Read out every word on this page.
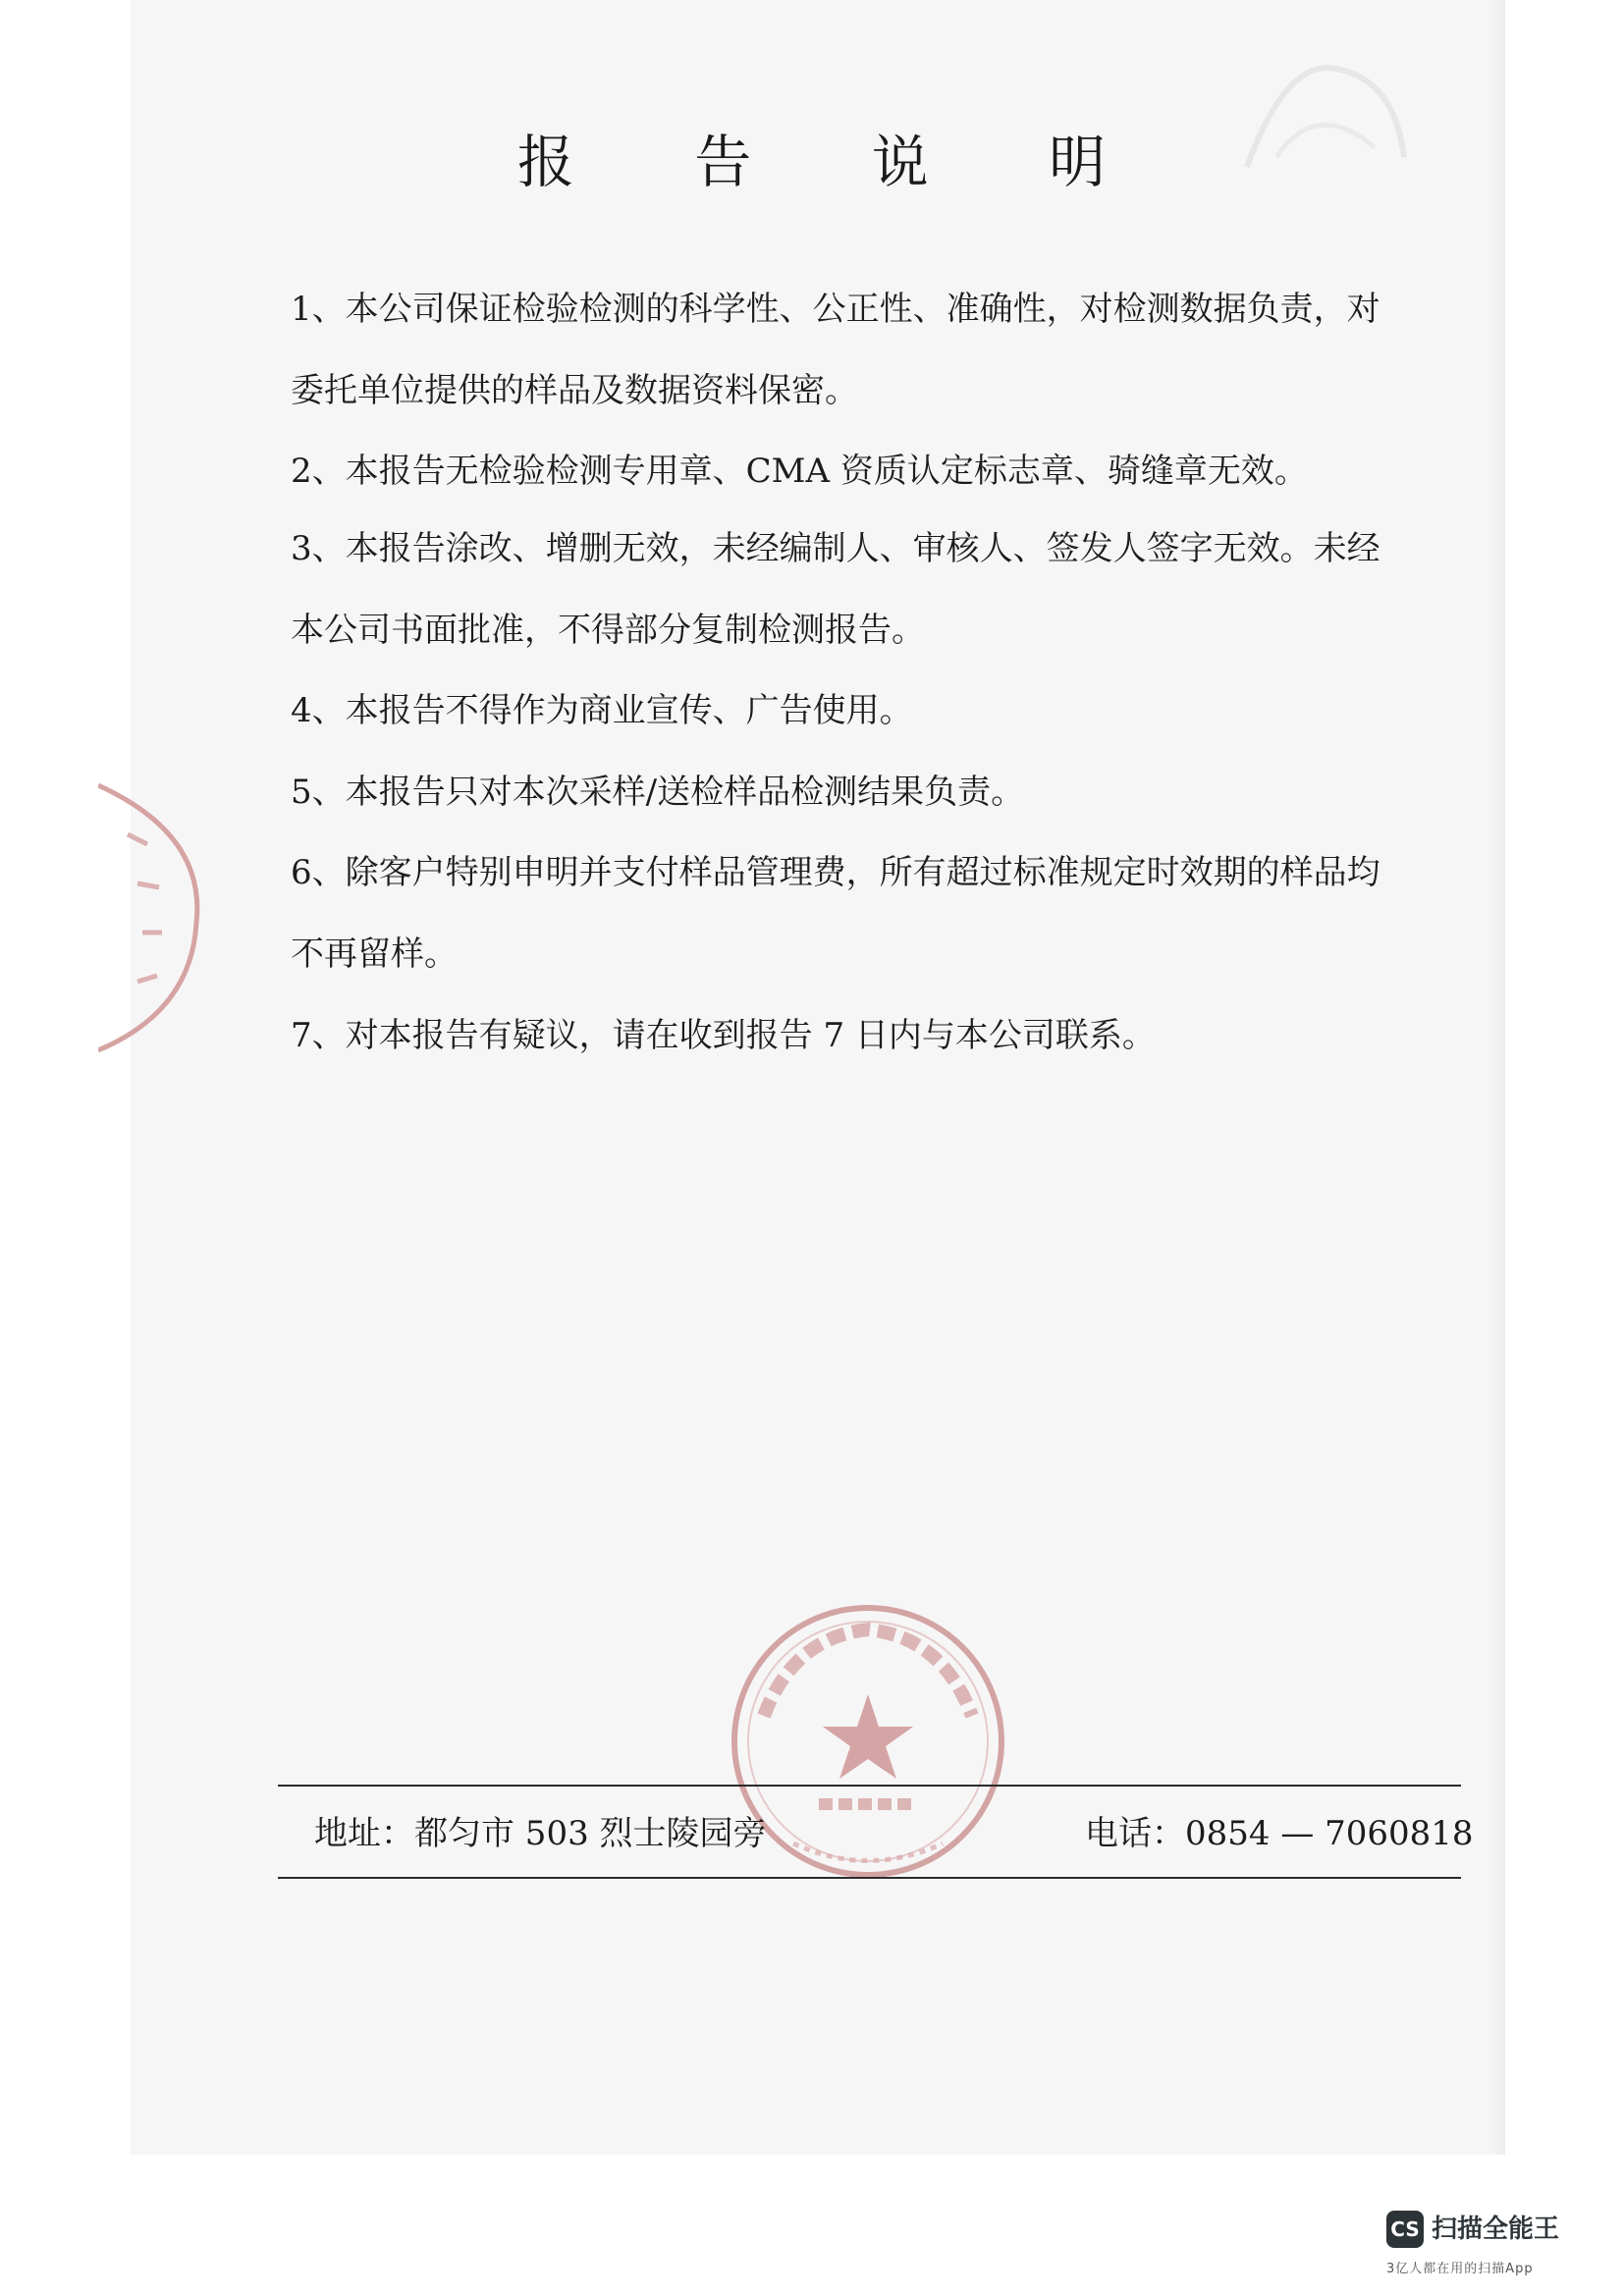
报 告 说 明
1、本公司保证检验检测的科学性、公正性、准确性，对检测数据负责，对
委托单位提供的样品及数据资料保密。
2、本报告无检验检测专用章、CMA 资质认定标志章、骑缝章无效。
3、本报告涂改、增删无效，未经编制人、审核人、签发人签字无效。未经
本公司书面批准，不得部分复制检测报告。
4、本报告不得作为商业宣传、广告使用。
5、本报告只对本次采样/送检样品检测结果负责。
6、除客户特别申明并支付样品管理费，所有超过标准规定时效期的样品均
不再留样。
7、对本报告有疑议，请在收到报告 7 日内与本公司联系。
地址：都匀市 503 烈士陵园旁	电话：0854 — 7060818
CS 扫描全能王
3亿人都在用的扫描App
